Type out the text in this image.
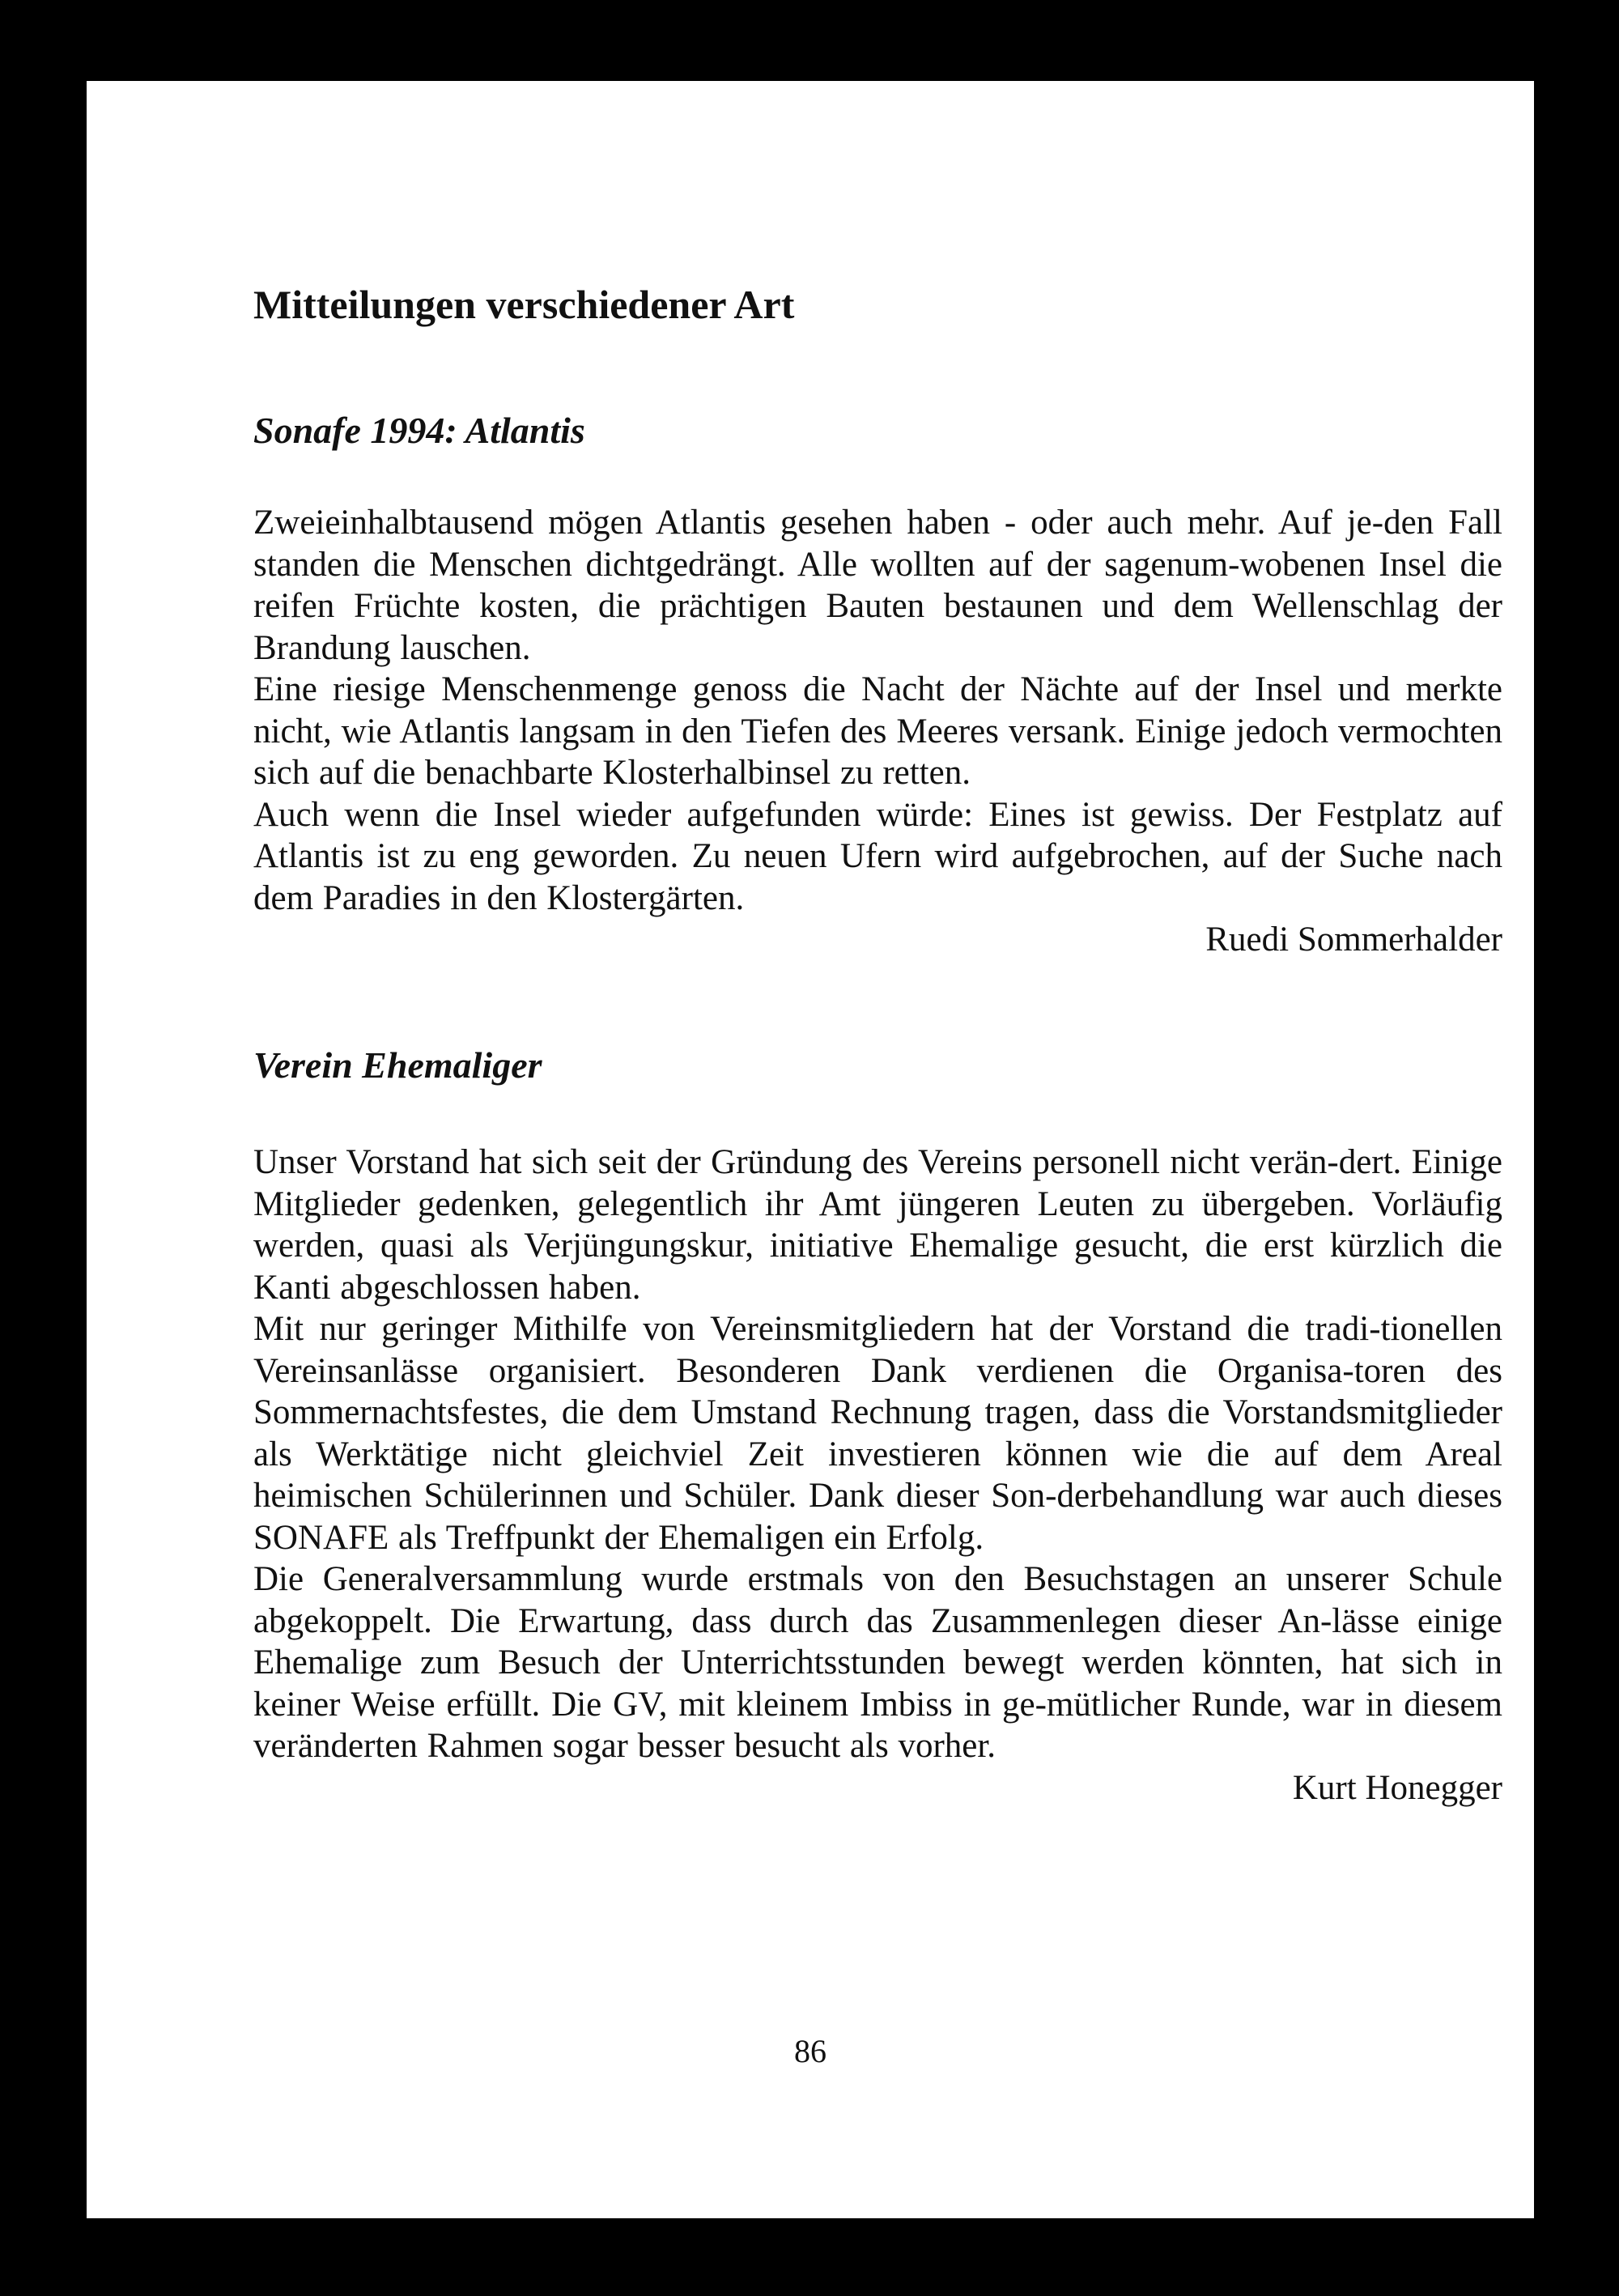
Mitteilungen verschiedener Art
Sonafe 1994: Atlantis

Zweieinhalbtausend mögen Atlantis gesehen haben - oder auch mehr. Auf je-den Fall standen die Menschen dichtgedrängt. Alle wollten auf der sagenum-wobenen Insel die reifen Früchte kosten, die prächtigen Bauten bestaunen und dem Wellenschlag der Brandung lauschen.

Eine riesige Menschenmenge genoss die Nacht der Nächte auf der Insel und merkte nicht, wie Atlantis langsam in den Tiefen des Meeres versank. Einige jedoch vermochten sich auf die benachbarte Klosterhalbinsel zu retten.

Auch wenn die Insel wieder aufgefunden würde: Eines ist gewiss. Der Festplatz auf Atlantis ist zu eng geworden. Zu neuen Ufern wird aufgebrochen, auf der Suche nach dem Paradies in den Klostergärten.

Ruedi Sommerhalder

Verein Ehemaliger

Unser Vorstand hat sich seit der Gründung des Vereins personell nicht verän-dert. Einige Mitglieder gedenken, gelegentlich ihr Amt jüngeren Leuten zu übergeben. Vorläufig werden, quasi als Verjüngungskur, initiative Ehemalige gesucht, die erst kürzlich die Kanti abgeschlossen haben.

Mit nur geringer Mithilfe von Vereinsmitgliedern hat der Vorstand die tradi-tionellen Vereinsanlässe organisiert. Besonderen Dank verdienen die Organisa-toren des Sommernachtsfestes, die dem Umstand Rechnung tragen, dass die Vorstandsmitglieder als Werktätige nicht gleichviel Zeit investieren können wie die auf dem Areal heimischen Schülerinnen und Schüler. Dank dieser Son-derbehandlung war auch dieses SONAFE als Treffpunkt der Ehemaligen ein Erfolg.

Die Generalversammlung wurde erstmals von den Besuchstagen an unserer Schule abgekoppelt. Die Erwartung, dass durch das Zusammenlegen dieser An-lässe einige Ehemalige zum Besuch der Unterrichtsstunden bewegt werden könnten, hat sich in keiner Weise erfüllt. Die GV, mit kleinem Imbiss in ge-mütlicher Runde, war in diesem veränderten Rahmen sogar besser besucht als vorher.

Kurt Honegger

86
